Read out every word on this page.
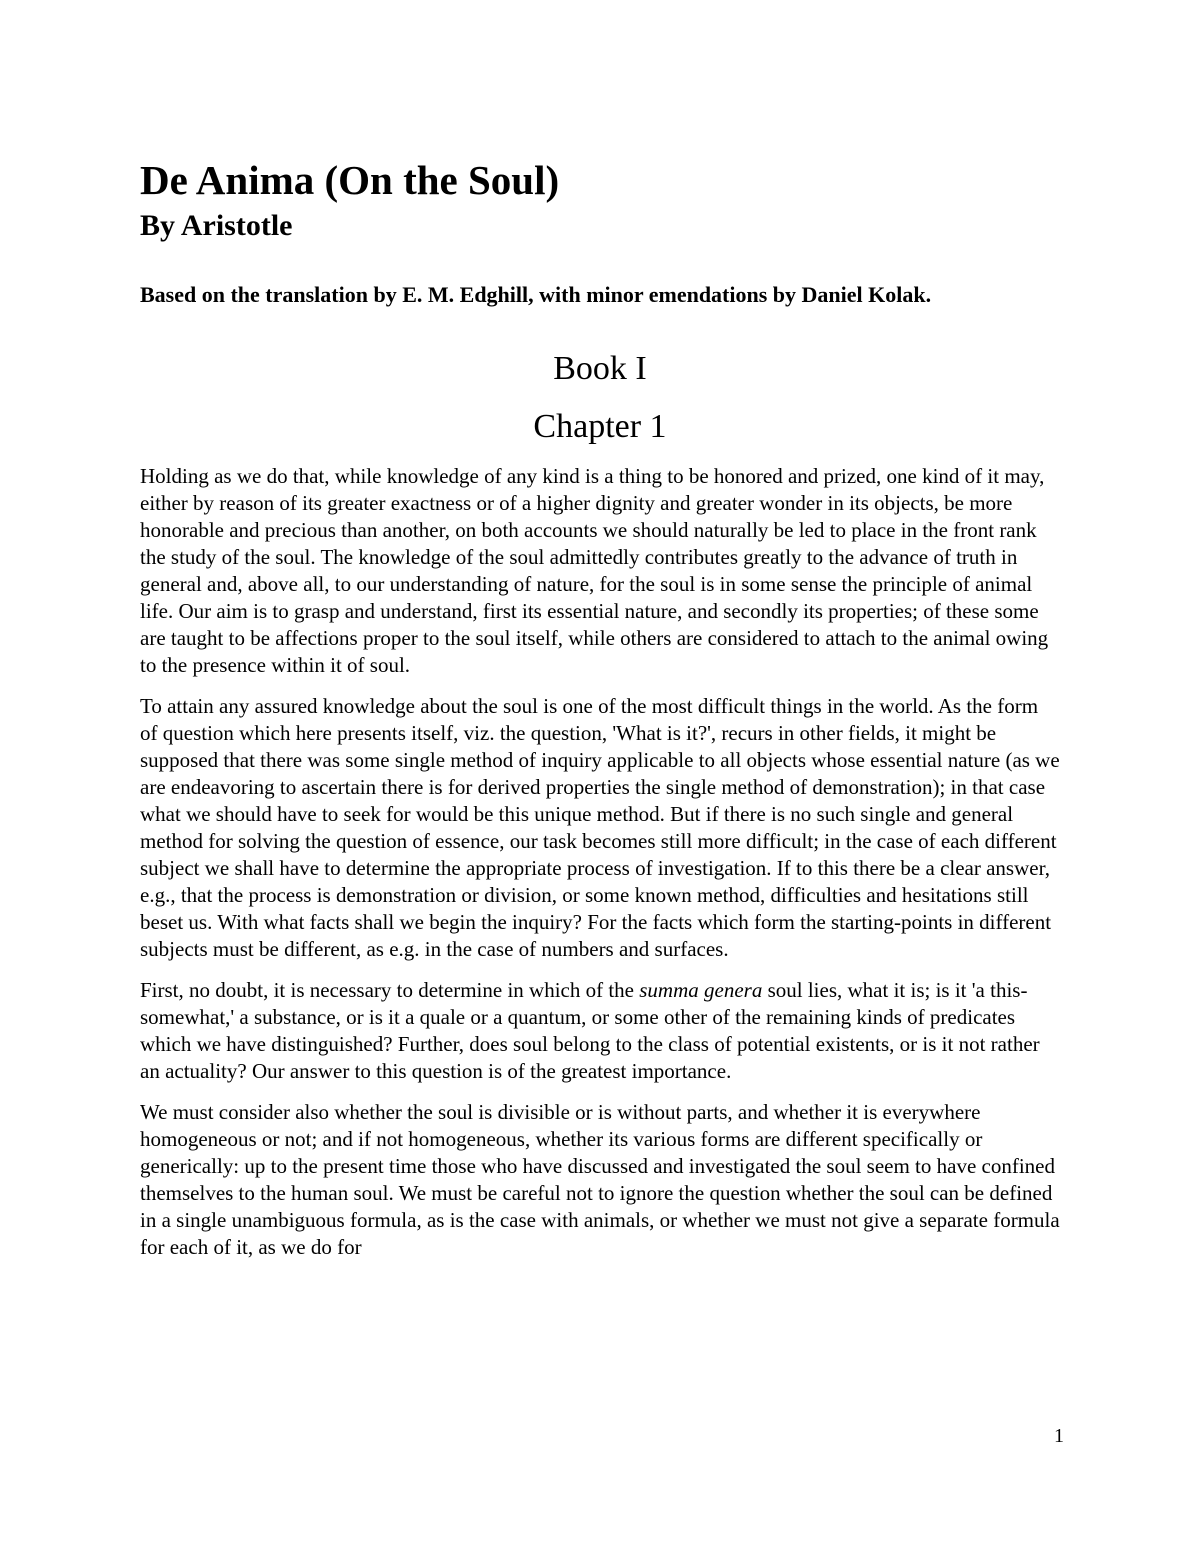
De Anima (On the Soul)
By Aristotle

Based on the translation by E. M. Edghill, with minor emendations by Daniel Kolak.

Book I
Chapter 1

Holding as we do that, while knowledge of any kind is a thing to be honored and prized, one kind of it may, either by reason of its greater exactness or of a higher dignity and greater wonder in its objects, be more honorable and precious than another, on both accounts we should naturally be led to place in the front rank the study of the soul. The knowledge of the soul admittedly contributes greatly to the advance of truth in general and, above all, to our understanding of nature, for the soul is in some sense the principle of animal life. Our aim is to grasp and understand, first its essential nature, and secondly its properties; of these some are taught to be affections proper to the soul itself, while others are considered to attach to the animal owing to the presence within it of soul.

To attain any assured knowledge about the soul is one of the most difficult things in the world. As the form of question which here presents itself, viz. the question, 'What is it?', recurs in other fields, it might be supposed that there was some single method of inquiry applicable to all objects whose essential nature (as we are endeavoring to ascertain there is for derived properties the single method of demonstration); in that case what we should have to seek for would be this unique method. But if there is no such single and general method for solving the question of essence, our task becomes still more difficult; in the case of each different subject we shall have to determine the appropriate process of investigation. If to this there be a clear answer, e.g., that the process is demonstration or division, or some known method, difficulties and hesitations still beset us. With what facts shall we begin the inquiry? For the facts which form the starting-points in different subjects must be different, as e.g. in the case of numbers and surfaces.

First, no doubt, it is necessary to determine in which of the summa genera soul lies, what it is; is it 'a this-somewhat,' a substance, or is it a quale or a quantum, or some other of the remaining kinds of predicates which we have distinguished? Further, does soul belong to the class of potential existents, or is it not rather an actuality? Our answer to this question is of the greatest importance.

We must consider also whether the soul is divisible or is without parts, and whether it is everywhere homogeneous or not; and if not homogeneous, whether its various forms are different specifically or generically: up to the present time those who have discussed and investigated the soul seem to have confined themselves to the human soul. We must be careful not to ignore the question whether the soul can be defined in a single unambiguous formula, as is the case with animals, or whether we must not give a separate formula for each of it, as we do for

1
